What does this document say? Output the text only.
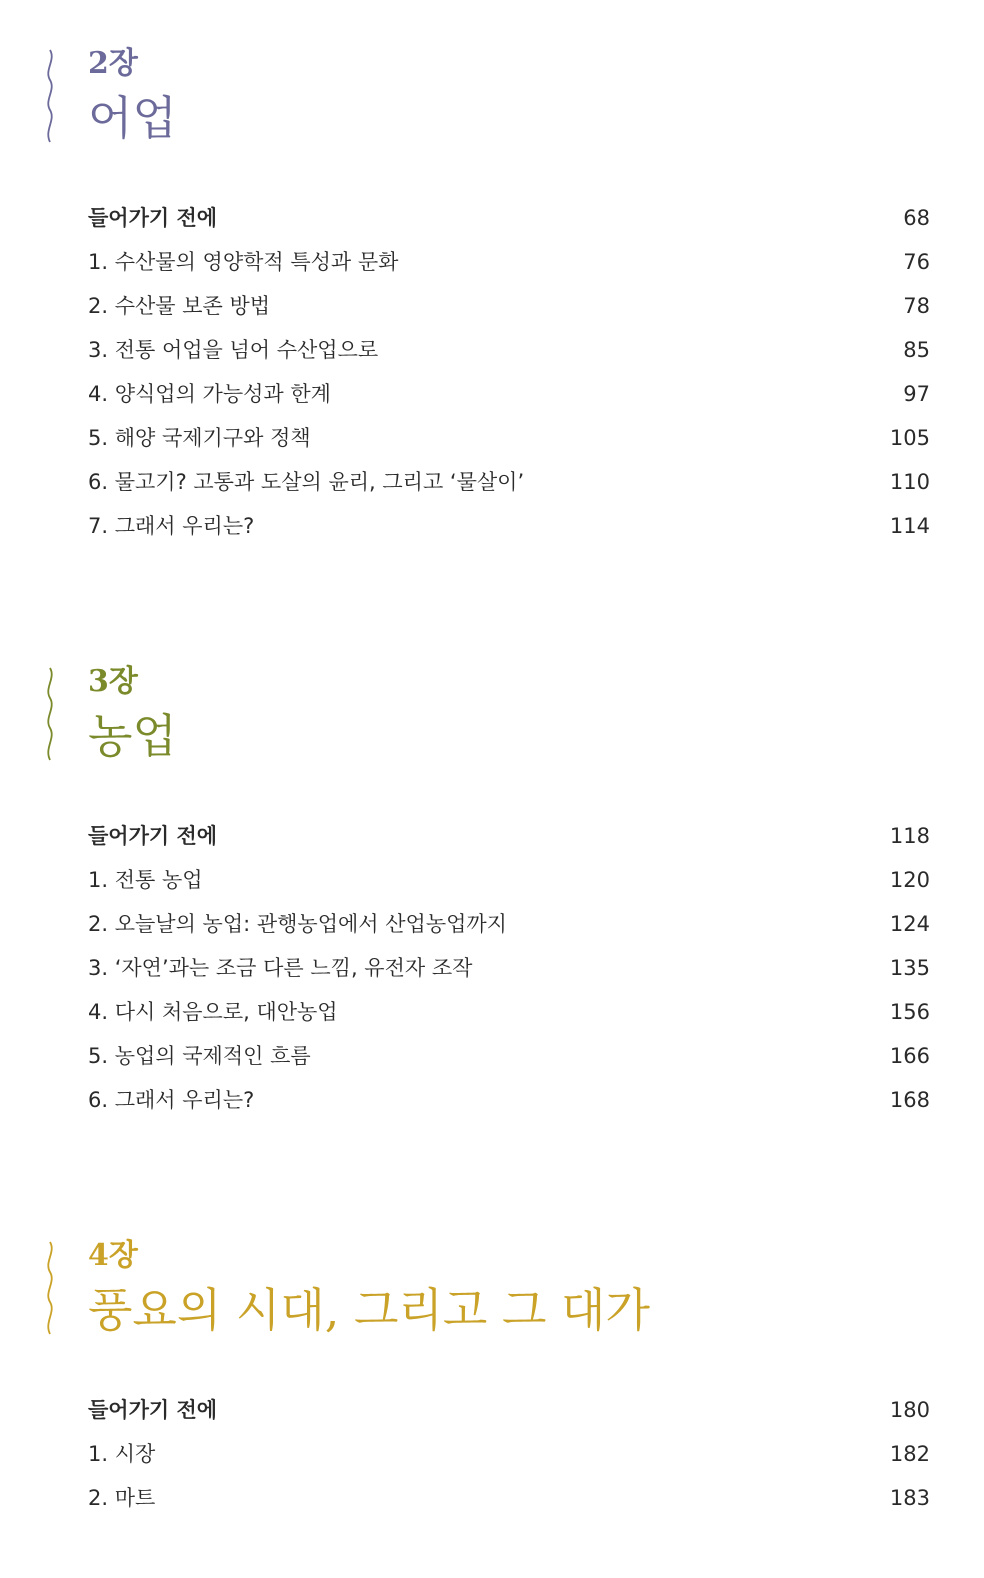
2장
어업
들어가기 전에	68
1. 수산물의 영양학적 특성과 문화	76
2. 수산물 보존 방법	78
3. 전통 어업을 넘어 수산업으로	85
4. 양식업의 가능성과 한계	97
5. 해양 국제기구와 정책	105
6. 물고기? 고통과 도살의 윤리, 그리고 ‘물살이’	110
7. 그래서 우리는?	114
3장
농업
들어가기 전에	118
1. 전통 농업	120
2. 오늘날의 농업: 관행농업에서 산업농업까지	124
3. ‘자연’과는 조금 다른 느낌, 유전자 조작	135
4. 다시 처음으로, 대안농업	156
5. 농업의 국제적인 흐름	166
6. 그래서 우리는?	168
4장
풍요의 시대, 그리고 그 대가
들어가기 전에	180
1. 시장	182
2. 마트	183
